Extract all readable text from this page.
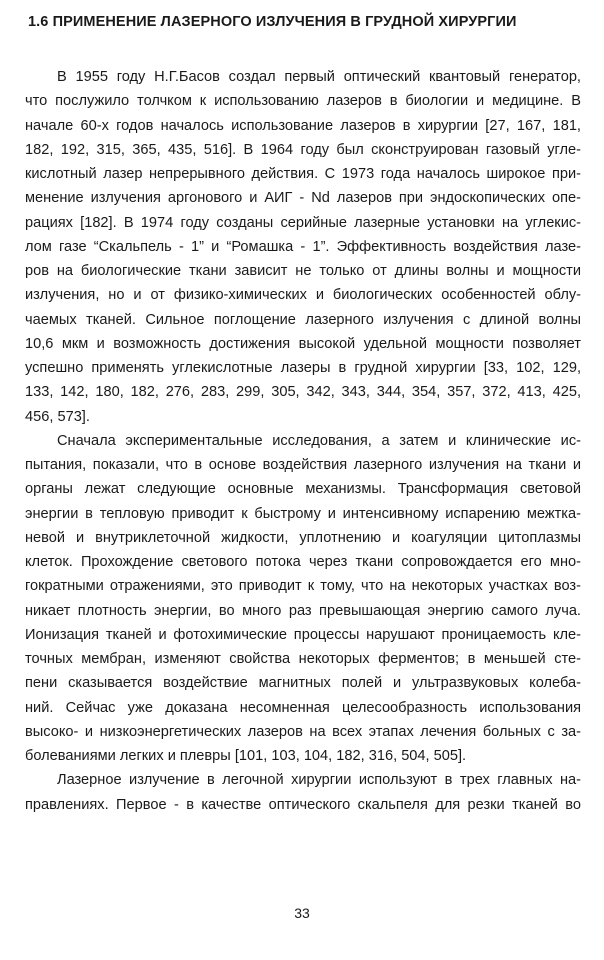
1.6 ПРИМЕНЕНИЕ ЛАЗЕРНОГО ИЗЛУЧЕНИЯ В ГРУДНОЙ ХИРУРГИИ
В 1955 году Н.Г.Басов создал первый оптический квантовый генератор,
что послужило толчком к использованию лазеров в биологии и медицине. В
начале 60-х годов началось использование лазеров в хирургии [27, 167, 181,
182, 192, 315, 365, 435, 516]. В 1964 году был сконструирован газовый угле-
кислотный лазер непрерывного действия. С 1973 года началось широкое при-
менение излучения аргонового и АИГ - Nd лазеров при эндоскопических опе-
рациях [182]. В 1974 году созданы серийные лазерные установки на углекис-
лом газе “Скальпель - 1” и “Ромашка - 1”. Эффективность воздействия лазе-
ров на биологические ткани зависит не только от длины волны и мощности
излучения, но и от физико-химических и биологических особенностей облу-
чаемых тканей. Сильное поглощение лазерного излучения с длиной волны
10,6 мкм и возможность достижения высокой удельной мощности позволяет
успешно применять углекислотные лазеры в грудной хирургии [33, 102, 129,
133, 142, 180, 182, 276, 283, 299, 305, 342, 343, 344, 354, 357, 372, 413, 425,
456, 573].
Сначала экспериментальные исследования, а затем и клинические ис-
пытания, показали, что в основе воздействия лазерного излучения на ткани и
органы лежат следующие основные механизмы. Трансформация световой
энергии в тепловую приводит к быстрому и интенсивному испарению межтка-
невой и внутриклеточной жидкости, уплотнению и коагуляции цитоплазмы
клеток. Прохождение светового потока через ткани сопровождается его мно-
гократными отражениями, это приводит к тому, что на некоторых участках воз-
никает плотность энергии, во много раз превышающая энергию самого луча.
Ионизация тканей и фотохимические процессы нарушают проницаемость кле-
точных мембран, изменяют свойства некоторых ферментов; в меньшей сте-
пени сказывается воздействие магнитных полей и ультразвуковых колеба-
ний. Сейчас уже доказана несомненная целесообразность использования
высоко- и низкоэнергетических лазеров на всех этапах лечения больных с за-
болеваниями легких и плевры [101, 103, 104, 182, 316, 504, 505].
Лазерное излучение в легочной хирургии используют в трех главных на-
правлениях. Первое - в качестве оптического скальпеля для резки тканей во
33
